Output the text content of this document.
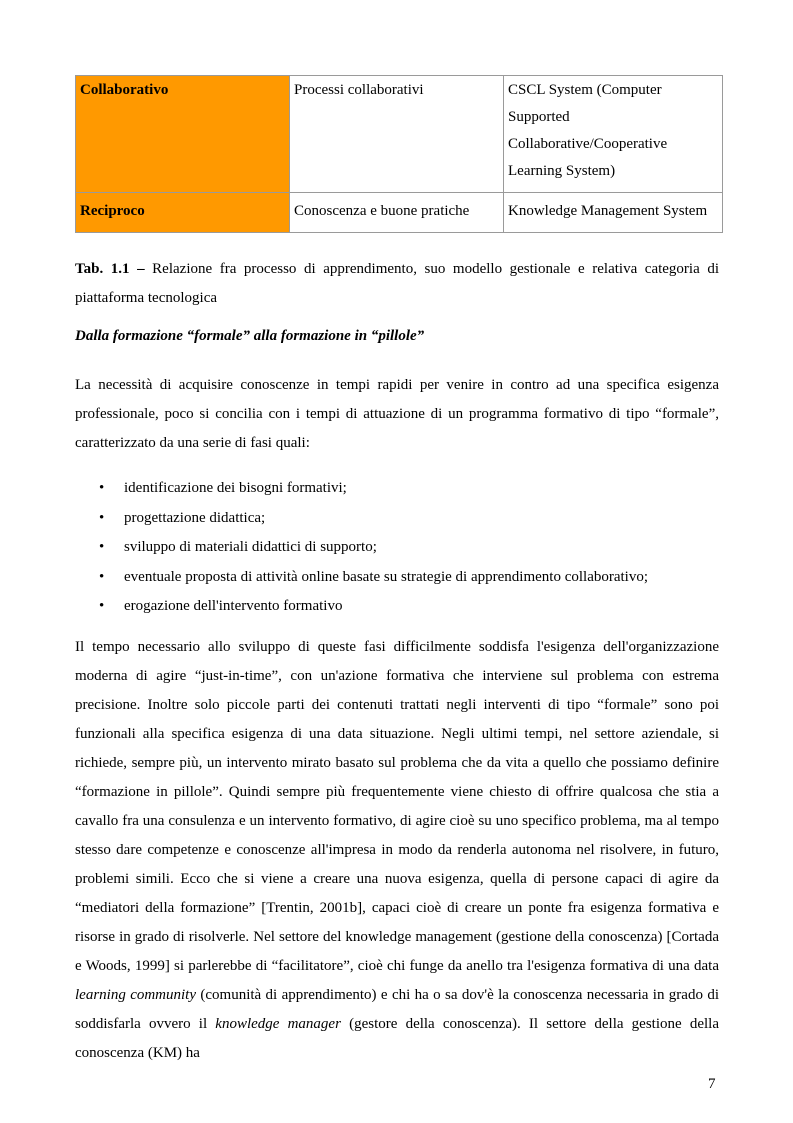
Collaborativo	Processi collaborativi	CSCL System (Computer Supported Collaborative/Cooperative Learning System)
Reciproco	Conoscenza e buone pratiche	Knowledge Management System
Tab. 1.1 – Relazione fra processo di apprendimento, suo modello gestionale e relativa categoria di piattaforma tecnologica
Dalla formazione “formale” alla formazione in “pillole”
La necessità di acquisire conoscenze in tempi rapidi per venire in contro ad una specifica esigenza professionale, poco si concilia con i tempi di attuazione di un programma formativo di tipo “formale”, caratterizzato da una serie di fasi quali:
• identificazione dei bisogni formativi;
• progettazione didattica;
• sviluppo di materiali didattici di supporto;
• eventuale proposta di attività online basate su strategie di apprendimento collaborativo;
• erogazione dell'intervento formativo
Il tempo necessario allo sviluppo di queste fasi difficilmente soddisfa l'esigenza dell'organizzazione moderna di agire “just-in-time”, con un'azione formativa che interviene sul problema con estrema precisione. Inoltre solo piccole parti dei contenuti trattati negli interventi di tipo “formale” sono poi funzionali alla specifica esigenza di una data situazione. Negli ultimi tempi, nel settore aziendale, si richiede, sempre più, un intervento mirato basato sul problema che da vita a quello che possiamo definire “formazione in pillole”. Quindi sempre più frequentemente viene chiesto di offrire qualcosa che stia a cavallo fra una consulenza e un intervento formativo, di agire cioè su uno specifico problema, ma al tempo stesso dare competenze e conoscenze all'impresa in modo da renderla autonoma nel risolvere, in futuro, problemi simili. Ecco che si viene a creare una nuova esigenza, quella di persone capaci di agire da “mediatori della formazione” [Trentin, 2001b], capaci cioè di creare un ponte fra esigenza formativa e risorse in grado di risolverle. Nel settore del knowledge management (gestione della conoscenza) [Cortada e Woods, 1999] si parlerebbe di “facilitatore”, cioè chi funge da anello tra l'esigenza formativa di una data learning community (comunità di apprendimento) e chi ha o sa dov'è la conoscenza necessaria in grado di soddisfarla ovvero il knowledge manager (gestore della conoscenza). Il settore della gestione della conoscenza (KM) ha
7
